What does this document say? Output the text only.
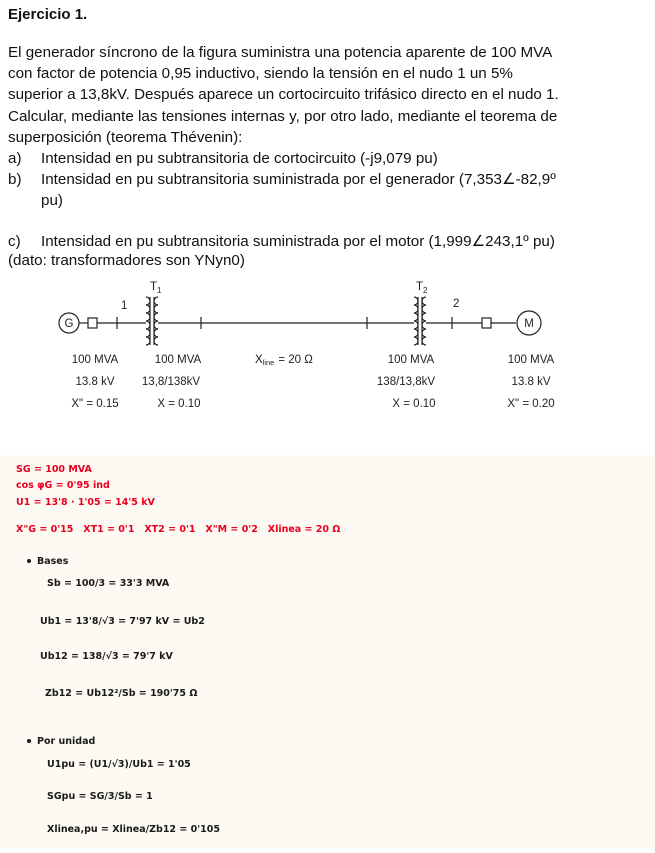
Ejercicio 1.
El generador síncrono de la figura suministra una potencia aparente de 100 MVA
con factor de potencia 0,95 inductivo, siendo la tensión en el nudo 1 un 5%
superior a 13,8kV. Después aparece un cortocircuito trifásico directo en el nudo 1.
Calcular, mediante las tensiones internas y, por otro lado, mediante el teorema de
superposición (teorema Thévenin):
a) Intensidad en pu subtransitoria de cortocircuito (-j9,079 pu)
b) Intensidad en pu subtransitoria suministrada por el generador (7,353∠-82,9º
pu)
c) Intensidad en pu subtransitoria suministrada por el motor (1,999∠243,1º pu)
(dato: transformadores son YNyn0)
G	M
$T_1$	$T_2$
1	2
100 MVA
13.8 kV
X" = 0.15
100 MVA
13,8/138kV
X = 0.10
Xline = 20 Ω	100 MVA
138/13,8kV
X = 0.10
100 MVA
13.8 kV
X" = 0.20
SG = 100 MVA
cos φG = 0'95 ind
U1 = 13'8 · 1'05 = 14'5 kV
X"G = 0'15   XT1 = 0'1   XT2 = 0'1   X"M = 0'2   Xlinea = 20 Ω
Bases
Sb = 100/3 = 33'3 MVA
Ub1 = 13'8/√3 = 7'97 kV = Ub2
Ub12 = 138/√3 = 79'7 kV
Zb12 = Ub12²/Sb = 190'75 Ω
Por unidad
U1pu = (U1/√3)/Ub1 = 1'05
SGpu = SG/3/Sb = 1
Xlinea,pu = Xlinea/Zb12 = 0'105
